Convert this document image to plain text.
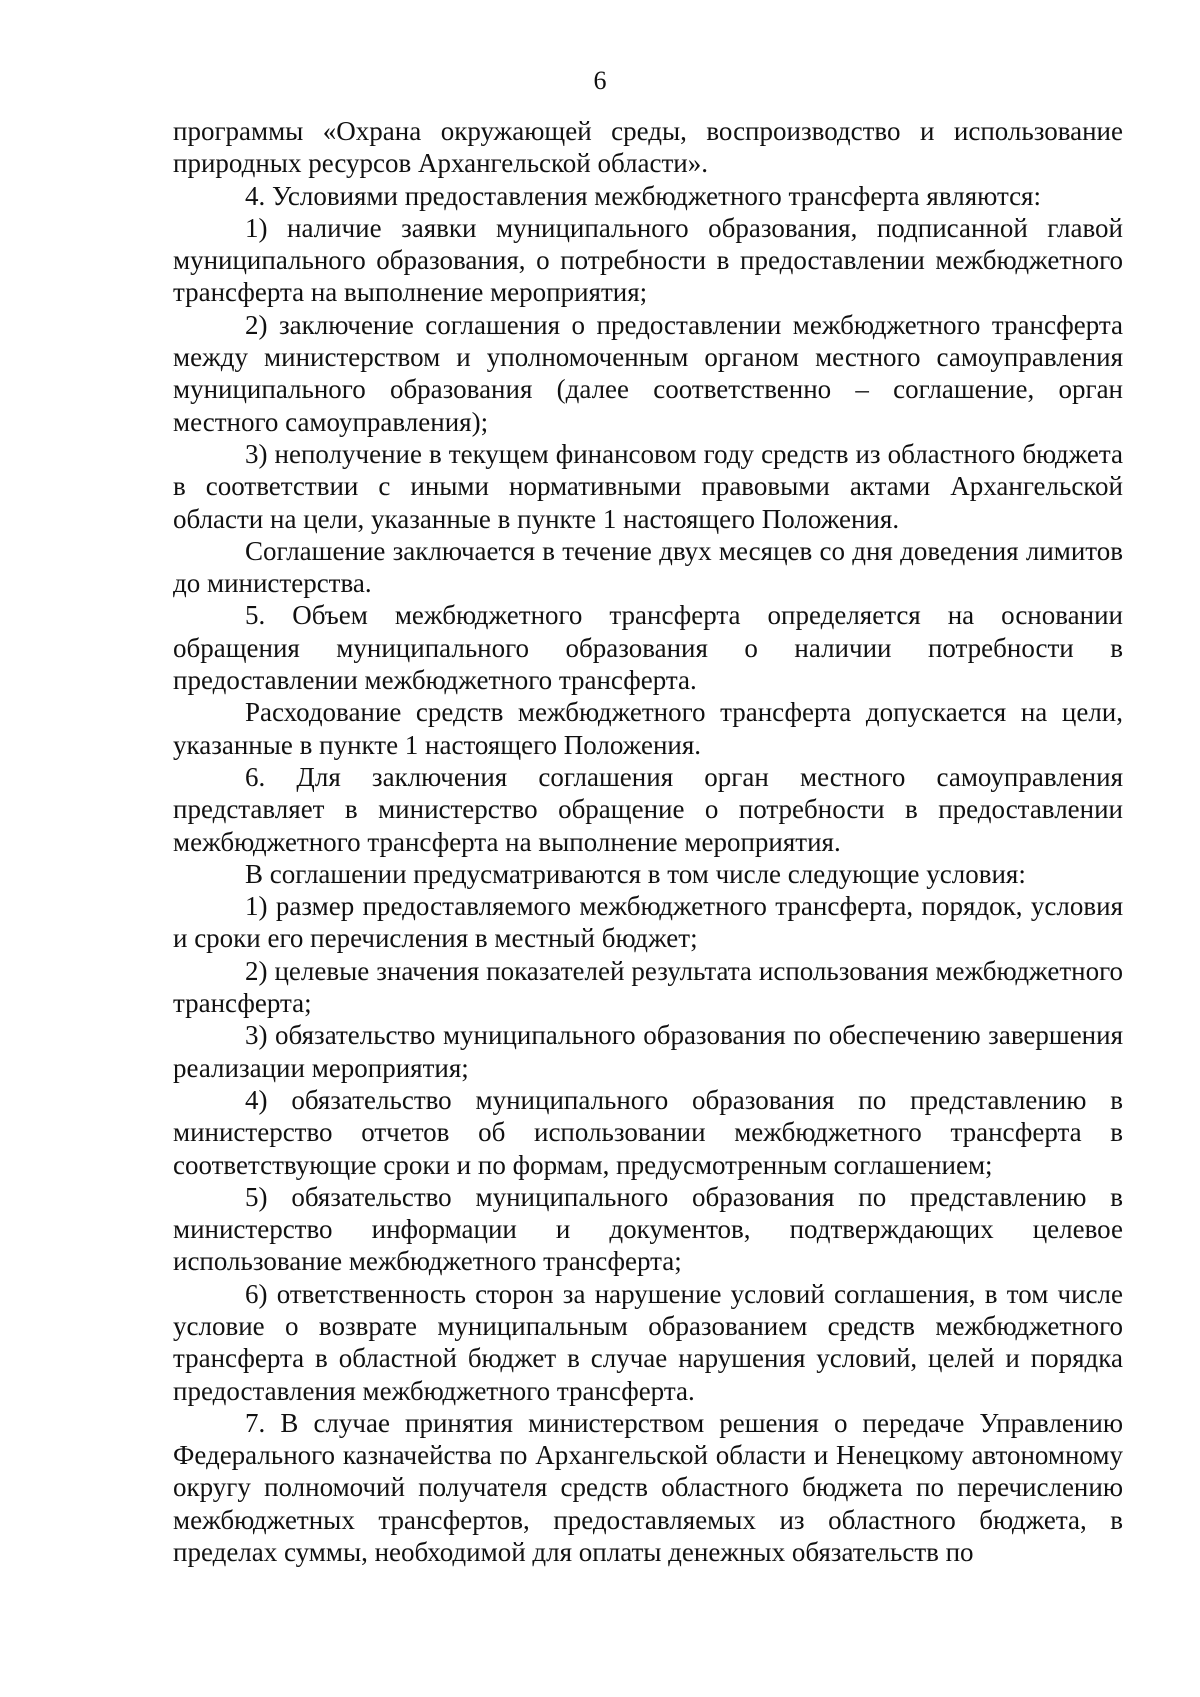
6

программы «Охрана окружающей среды, воспроизводство и использование природных ресурсов Архангельской области».

4. Условиями предоставления межбюджетного трансферта являются:

1) наличие заявки муниципального образования, подписанной главой муниципального образования, о потребности в предоставлении межбюджетного трансферта на выполнение мероприятия;

2) заключение соглашения о предоставлении межбюджетного трансферта между министерством и уполномоченным органом местного самоуправления муниципального образования (далее соответственно – соглашение, орган местного самоуправления);

3) неполучение в текущем финансовом году средств из областного бюджета в соответствии с иными нормативными правовыми актами Архангельской области на цели, указанные в пункте 1 настоящего Положения.

Соглашение заключается в течение двух месяцев со дня доведения лимитов до министерства.

5. Объем межбюджетного трансферта определяется на основании обращения муниципального образования о наличии потребности в предоставлении межбюджетного трансферта.

Расходование средств межбюджетного трансферта допускается на цели, указанные в пункте 1 настоящего Положения.

6. Для заключения соглашения орган местного самоуправления представляет в министерство обращение о потребности в предоставлении межбюджетного трансферта на выполнение мероприятия.

В соглашении предусматриваются в том числе следующие условия:

1) размер предоставляемого межбюджетного трансферта, порядок, условия и сроки его перечисления в местный бюджет;

2) целевые значения показателей результата использования межбюджетного трансферта;

3) обязательство муниципального образования по обеспечению завершения реализации мероприятия;

4) обязательство муниципального образования по представлению в министерство отчетов об использовании межбюджетного трансферта в соответствующие сроки и по формам, предусмотренным соглашением;

5) обязательство муниципального образования по представлению в министерство информации и документов, подтверждающих целевое использование межбюджетного трансферта;

6) ответственность сторон за нарушение условий соглашения, в том числе условие о возврате муниципальным образованием средств межбюджетного трансферта в областной бюджет в случае нарушения условий, целей и порядка предоставления межбюджетного трансферта.

7. В случае принятия министерством решения о передаче Управлению Федерального казначейства по Архангельской области и Ненецкому автономному округу полномочий получателя средств областного бюджета по перечислению межбюджетных трансфертов, предоставляемых из областного бюджета, в пределах суммы, необходимой для оплаты денежных обязательств по
